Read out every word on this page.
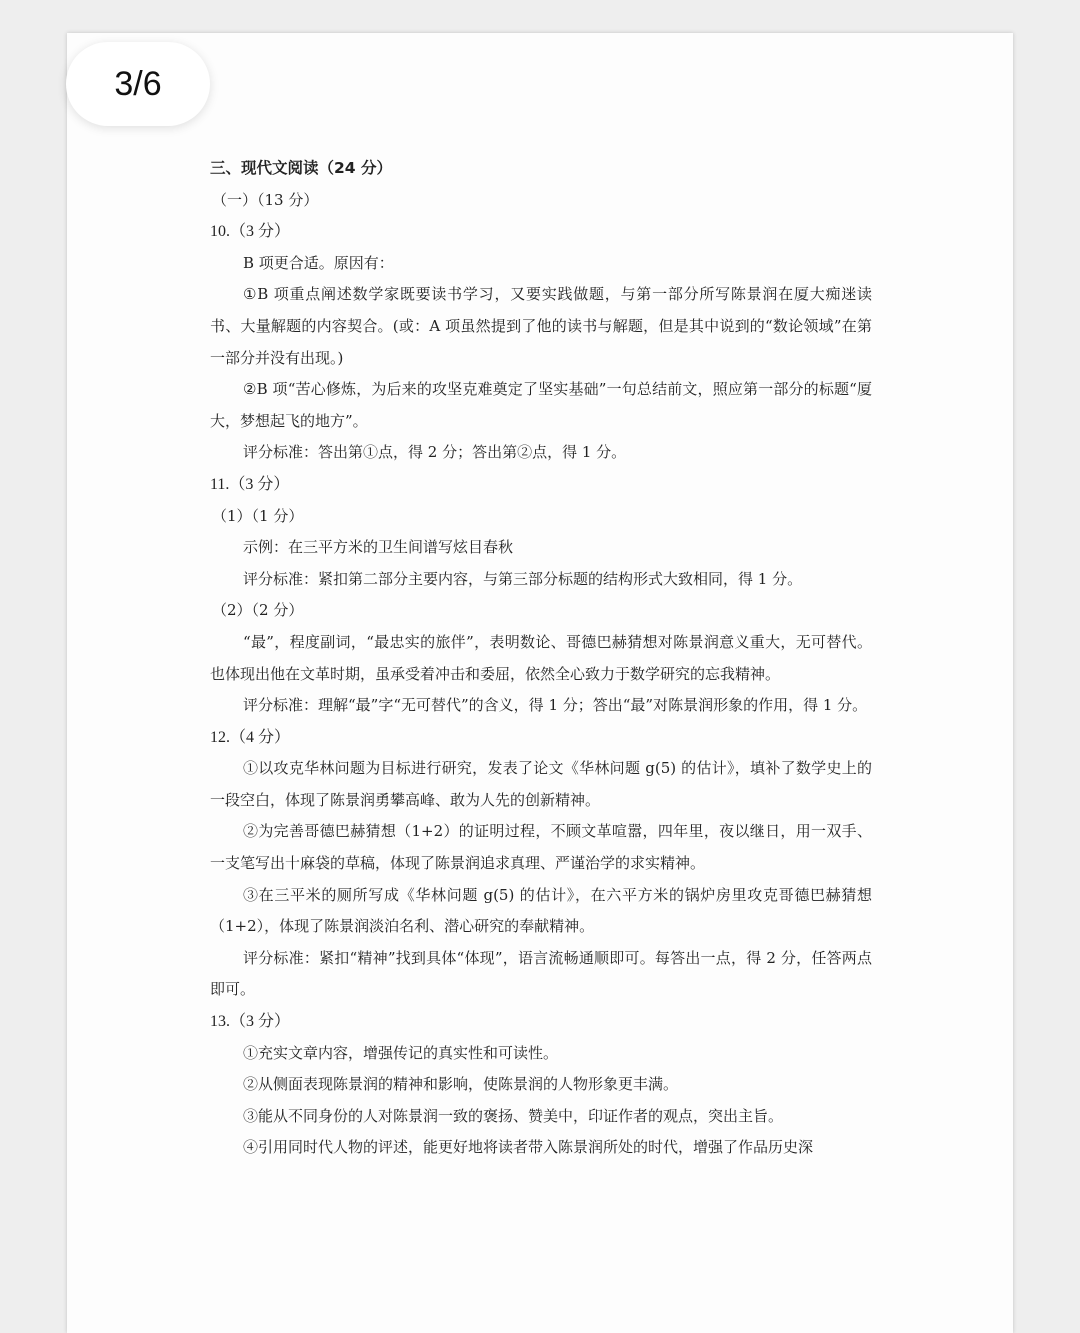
3/6

三、现代文阅读（24 分）

（一）（13 分）

10.（3 分）

B 项更合适。原因有：

①B 项重点阐述数学家既要读书学习，又要实践做题，与第一部分所写陈景润在厦大痴迷读书、大量解题的内容契合。(或：A 项虽然提到了他的读书与解题，但是其中说到的“数论领域”在第一部分并没有出现。)

②B 项“苦心修炼，为后来的攻坚克难奠定了坚实基础”一句总结前文，照应第一部分的标题“厦大，梦想起飞的地方”。

评分标准：答出第①点，得 2 分；答出第②点，得 1 分。

11.（3 分）

（1）（1 分）

示例：在三平方米的卫生间谱写炫目春秋

评分标准：紧扣第二部分主要内容，与第三部分标题的结构形式大致相同，得 1 分。

（2）（2 分）

“最”，程度副词，“最忠实的旅伴”，表明数论、哥德巴赫猜想对陈景润意义重大，无可替代。也体现出他在文革时期，虽承受着冲击和委屈，依然全心致力于数学研究的忘我精神。

评分标准：理解“最”字“无可替代”的含义，得 1 分；答出“最”对陈景润形象的作用，得 1 分。

12.（4 分）

①以攻克华林问题为目标进行研究，发表了论文《华林问题 g(5) 的估计》，填补了数学史上的一段空白，体现了陈景润勇攀高峰、敢为人先的创新精神。

②为完善哥德巴赫猜想（1+2）的证明过程，不顾文革喧嚣，四年里，夜以继日，用一双手、一支笔写出十麻袋的草稿，体现了陈景润追求真理、严谨治学的求实精神。

③在三平米的厕所写成《华林问题 g(5) 的估计》，在六平方米的锅炉房里攻克哥德巴赫猜想（1+2），体现了陈景润淡泊名利、潜心研究的奉献精神。

评分标准：紧扣“精神”找到具体“体现”，语言流畅通顺即可。每答出一点，得 2 分，任答两点即可。

13.（3 分）

①充实文章内容，增强传记的真实性和可读性。

②从侧面表现陈景润的精神和影响，使陈景润的人物形象更丰满。

③能从不同身份的人对陈景润一致的褒扬、赞美中，印证作者的观点，突出主旨。

④引用同时代人物的评述，能更好地将读者带入陈景润所处的时代，增强了作品历史深
